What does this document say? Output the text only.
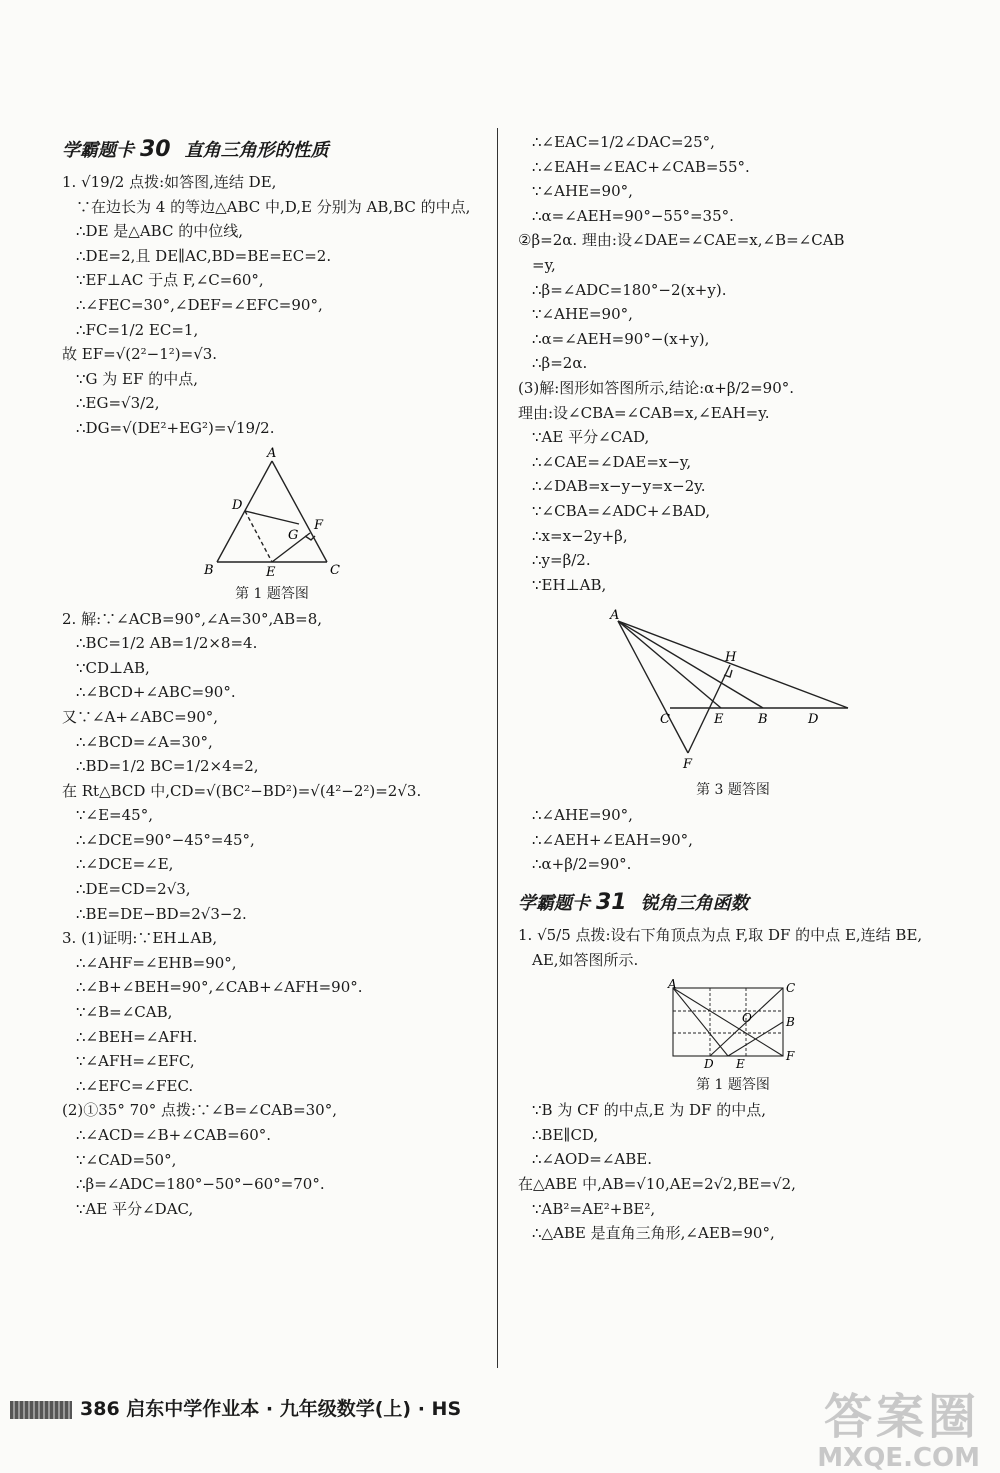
学霸题卡 30 直角三角形的性质
1. √19/2 点拨:如答图,连结 DE,
∵在边长为 4 的等边△ABC 中,D,E 分别为 AB,BC 的中点,
∴DE 是△ABC 的中位线,
∴DE=2,且 DE∥AC,BD=BE=EC=2.
∵EF⊥AC 于点 F,∠C=60°,
∴∠FEC=30°,∠DEF=∠EFC=90°,
∴FC=1/2 EC=1,
故 EF=√(2²−1²)=√3.
∵G 为 EF 的中点,
∴EG=√3/2,
∴DG=√(DE²+EG²)=√19/2.
A
B	C
D
E
F
G
第 1 题答图
2. 解:∵∠ACB=90°,∠A=30°,AB=8,
∴BC=1/2 AB=1/2×8=4.
∵CD⊥AB,
∴∠BCD+∠ABC=90°.
又∵∠A+∠ABC=90°,
∴∠BCD=∠A=30°,
∴BD=1/2 BC=1/2×4=2,
在 Rt△BCD 中,CD=√(BC²−BD²)=√(4²−2²)=2√3.
∵∠E=45°,
∴∠DCE=90°−45°=45°,
∴∠DCE=∠E,
∴DE=CD=2√3,
∴BE=DE−BD=2√3−2.
3. (1)证明:∵EH⊥AB,
∴∠AHF=∠EHB=90°,
∴∠B+∠BEH=90°,∠CAB+∠AFH=90°.
∵∠B=∠CAB,
∴∠BEH=∠AFH.
∵∠AFH=∠EFC,
∴∠EFC=∠FEC.
(2)①35° 70° 点拨:∵∠B=∠CAB=30°,
∴∠ACD=∠B+∠CAB=60°.
∵∠CAD=50°,
∴β=∠ADC=180°−50°−60°=70°.
∵AE 平分∠DAC,
∴∠EAC=1/2∠DAC=25°,
∴∠EAH=∠EAC+∠CAB=55°.
∵∠AHE=90°,
∴α=∠AEH=90°−55°=35°.
②β=2α. 理由:设∠DAE=∠CAE=x,∠B=∠CAB
=y,
∴β=∠ADC=180°−2(x+y).
∵∠AHE=90°,
∴α=∠AEH=90°−(x+y),
∴β=2α.
(3)解:图形如答图所示,结论:α+β/2=90°.
理由:设∠CBA=∠CAB=x,∠EAH=y.
∵AE 平分∠CAD,
∴∠CAE=∠DAE=x−y,
∴∠DAB=x−y−y=x−2y.
∵∠CBA=∠ADC+∠BAD,
∴x=x−2y+β,
∴y=β/2.
∵EH⊥AB,
A
H
C	E	B	D
F
第 3 题答图
∴∠AHE=90°,
∴∠AEH+∠EAH=90°,
∴α+β/2=90°.
学霸题卡 31 锐角三角函数
1. √5/5 点拨:设右下角顶点为点 F,取 DF 的中点 E,连结 BE,
AE,如答图所示.
A	C
O	B
D E
F
第 1 题答图
∵B 为 CF 的中点,E 为 DF 的中点,
∴BE∥CD,
∴∠AOD=∠ABE.
在△ABE 中,AB=√10,AE=2√2,BE=√2,
∵AB²=AE²+BE²,
∴△ABE 是直角三角形,∠AEB=90°,
386 启东中学作业本 · 九年级数学(上) · HS	答案圈
MXQE.COM
